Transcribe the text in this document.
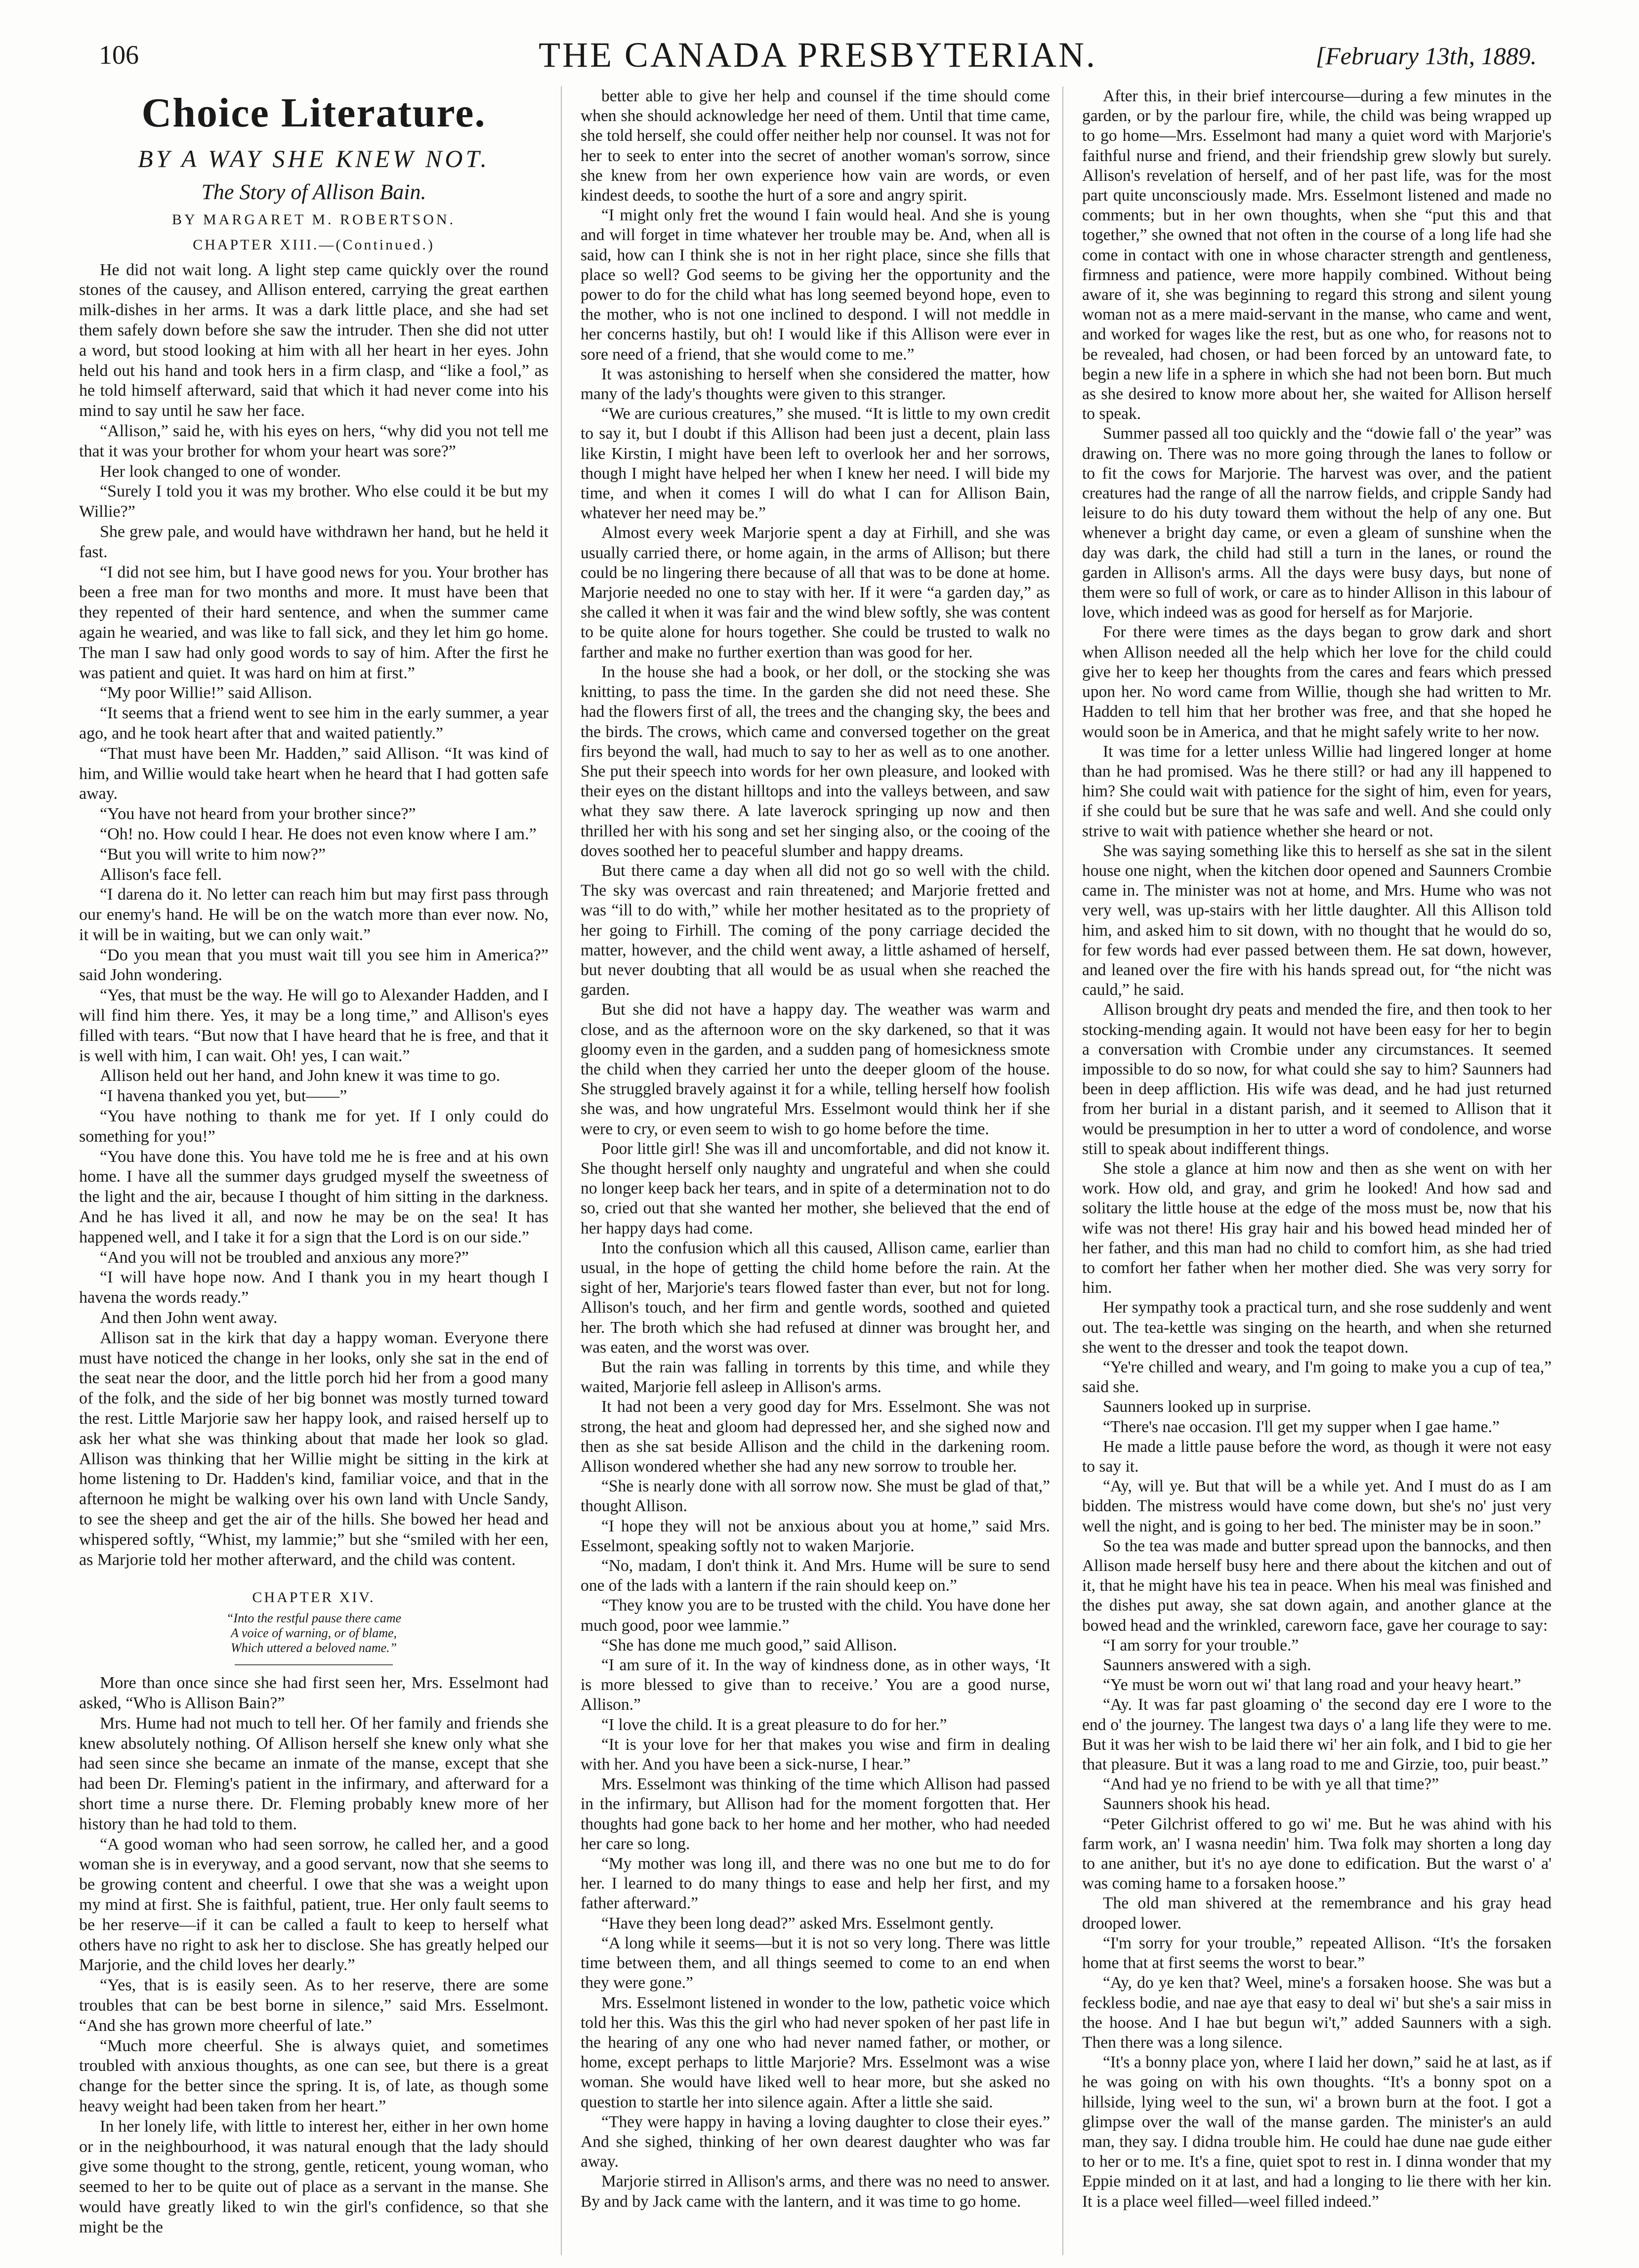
106	THE CANADA PRESBYTERIAN.	[February 13th, 1889.
Choice Literature.
BY A WAY SHE KNEW NOT.
The Story of Allison Bain.
BY MARGARET M. ROBERTSON.
CHAPTER XIII.—(Continued.)

He did not wait long. A light step came quickly over the round stones of the causey, and Allison entered, carrying the great earthen milk-dishes in her arms. It was a dark little place, and she had set them safely down before she saw the intruder. Then she did not utter a word, but stood looking at him with all her heart in her eyes. John held out his hand and took hers in a firm clasp, and “like a fool,” as he told himself afterward, said that which it had never come into his mind to say until he saw her face.

“Allison,” said he, with his eyes on hers, “why did you not tell me that it was your brother for whom your heart was sore?”

Her look changed to one of wonder.

“Surely I told you it was my brother. Who else could it be but my Willie?”

She grew pale, and would have withdrawn her hand, but he held it fast.

“I did not see him, but I have good news for you. Your brother has been a free man for two months and more. It must have been that they repented of their hard sentence, and when the summer came again he wearied, and was like to fall sick, and they let him go home. The man I saw had only good words to say of him. After the first he was patient and quiet. It was hard on him at first.”

“My poor Willie!” said Allison.

“It seems that a friend went to see him in the early summer, a year ago, and he took heart after that and waited patiently.”

“That must have been Mr. Hadden,” said Allison. “It was kind of him, and Willie would take heart when he heard that I had gotten safe away.

“You have not heard from your brother since?”

“Oh! no. How could I hear. He does not even know where I am.”

“But you will write to him now?”

Allison's face fell.

“I darena do it. No letter can reach him but may first pass through our enemy's hand. He will be on the watch more than ever now. No, it will be in waiting, but we can only wait.”

“Do you mean that you must wait till you see him in America?” said John wondering.

“Yes, that must be the way. He will go to Alexander Hadden, and I will find him there. Yes, it may be a long time,” and Allison's eyes filled with tears. “But now that I have heard that he is free, and that it is well with him, I can wait. Oh! yes, I can wait.”

Allison held out her hand, and John knew it was time to go.

“I havena thanked you yet, but——”

“You have nothing to thank me for yet. If I only could do something for you!”

“You have done this. You have told me he is free and at his own home. I have all the summer days grudged myself the sweetness of the light and the air, because I thought of him sitting in the darkness. And he has lived it all, and now he may be on the sea! It has happened well, and I take it for a sign that the Lord is on our side.”

“And you will not be troubled and anxious any more?”

“I will have hope now. And I thank you in my heart though I havena the words ready.”

And then John went away.

Allison sat in the kirk that day a happy woman. Everyone there must have noticed the change in her looks, only she sat in the end of the seat near the door, and the little porch hid her from a good many of the folk, and the side of her big bonnet was mostly turned toward the rest. Little Marjorie saw her happy look, and raised herself up to ask her what she was thinking about that made her look so glad. Allison was thinking that her Willie might be sitting in the kirk at home listening to Dr. Hadden's kind, familiar voice, and that in the afternoon he might be walking over his own land with Uncle Sandy, to see the sheep and get the air of the hills. She bowed her head and whispered softly, “Whist, my lammie;” but she “smiled with her een, as Marjorie told her mother afterward, and the child was content.

CHAPTER XIV.
“Into the restful pause there came
A voice of warning, or of blame,
Which uttered a beloved name.”

More than once since she had first seen her, Mrs. Esselmont had asked, “Who is Allison Bain?”

Mrs. Hume had not much to tell her. Of her family and friends she knew absolutely nothing. Of Allison herself she knew only what she had seen since she became an inmate of the manse, except that she had been Dr. Fleming's patient in the infirmary, and afterward for a short time a nurse there. Dr. Fleming probably knew more of her history than he had told to them.

“A good woman who had seen sorrow, he called her, and a good woman she is in everyway, and a good servant, now that she seems to be growing content and cheerful. I owe that she was a weight upon my mind at first. She is faithful, patient, true. Her only fault seems to be her reserve—if it can be called a fault to keep to herself what others have no right to ask her to disclose. She has greatly helped our Marjorie, and the child loves her dearly.”

“Yes, that is is easily seen. As to her reserve, there are some troubles that can be best borne in silence,” said Mrs. Esselmont. “And she has grown more cheerful of late.”

“Much more cheerful. She is always quiet, and sometimes troubled with anxious thoughts, as one can see, but there is a great change for the better since the spring. It is, of late, as though some heavy weight had been taken from her heart.”

In her lonely life, with little to interest her, either in her own home or in the neighbourhood, it was natural enough that the lady should give some thought to the strong, gentle, reticent, young woman, who seemed to her to be quite out of place as a servant in the manse. She would have greatly liked to win the girl's confidence, so that she might be the

better able to give her help and counsel if the time should come when she should acknowledge her need of them. Until that time came, she told herself, she could offer neither help nor counsel. It was not for her to seek to enter into the secret of another woman's sorrow, since she knew from her own experience how vain are words, or even kindest deeds, to soothe the hurt of a sore and angry spirit.

“I might only fret the wound I fain would heal. And she is young and will forget in time whatever her trouble may be. And, when all is said, how can I think she is not in her right place, since she fills that place so well? God seems to be giving her the opportunity and the power to do for the child what has long seemed beyond hope, even to the mother, who is not one inclined to despond. I will not meddle in her concerns hastily, but oh! I would like if this Allison were ever in sore need of a friend, that she would come to me.”

It was astonishing to herself when she considered the matter, how many of the lady's thoughts were given to this stranger.

“We are curious creatures,” she mused. “It is little to my own credit to say it, but I doubt if this Allison had been just a decent, plain lass like Kirstin, I might have been left to overlook her and her sorrows, though I might have helped her when I knew her need. I will bide my time, and when it comes I will do what I can for Allison Bain, whatever her need may be.”

Almost every week Marjorie spent a day at Firhill, and she was usually carried there, or home again, in the arms of Allison; but there could be no lingering there because of all that was to be done at home. Marjorie needed no one to stay with her. If it were “a garden day,” as she called it when it was fair and the wind blew softly, she was content to be quite alone for hours together. She could be trusted to walk no farther and make no further exertion than was good for her.

In the house she had a book, or her doll, or the stocking she was knitting, to pass the time. In the garden she did not need these. She had the flowers first of all, the trees and the changing sky, the bees and the birds. The crows, which came and conversed together on the great firs beyond the wall, had much to say to her as well as to one another. She put their speech into words for her own pleasure, and looked with their eyes on the distant hilltops and into the valleys between, and saw what they saw there. A late laverock springing up now and then thrilled her with his song and set her singing also, or the cooing of the doves soothed her to peaceful slumber and happy dreams.

But there came a day when all did not go so well with the child. The sky was overcast and rain threatened; and Marjorie fretted and was “ill to do with,” while her mother hesitated as to the propriety of her going to Firhill. The coming of the pony carriage decided the matter, however, and the child went away, a little ashamed of herself, but never doubting that all would be as usual when she reached the garden.

But she did not have a happy day. The weather was warm and close, and as the afternoon wore on the sky darkened, so that it was gloomy even in the garden, and a sudden pang of homesickness smote the child when they carried her unto the deeper gloom of the house. She struggled bravely against it for a while, telling herself how foolish she was, and how ungrateful Mrs. Esselmont would think her if she were to cry, or even seem to wish to go home before the time.

Poor little girl! She was ill and uncomfortable, and did not know it. She thought herself only naughty and ungrateful and when she could no longer keep back her tears, and in spite of a determination not to do so, cried out that she wanted her mother, she believed that the end of her happy days had come.

Into the confusion which all this caused, Allison came, earlier than usual, in the hope of getting the child home before the rain. At the sight of her, Marjorie's tears flowed faster than ever, but not for long. Allison's touch, and her firm and gentle words, soothed and quieted her. The broth which she had refused at dinner was brought her, and was eaten, and the worst was over.

But the rain was falling in torrents by this time, and while they waited, Marjorie fell asleep in Allison's arms.

It had not been a very good day for Mrs. Esselmont. She was not strong, the heat and gloom had depressed her, and she sighed now and then as she sat beside Allison and the child in the darkening room. Allison wondered whether she had any new sorrow to trouble her.

“She is nearly done with all sorrow now. She must be glad of that,” thought Allison.

“I hope they will not be anxious about you at home,” said Mrs. Esselmont, speaking softly not to waken Marjorie.

“No, madam, I don't think it. And Mrs. Hume will be sure to send one of the lads with a lantern if the rain should keep on.”

“They know you are to be trusted with the child. You have done her much good, poor wee lammie.”

“She has done me much good,” said Allison.

“I am sure of it. In the way of kindness done, as in other ways, ‘It is more blessed to give than to receive.’ You are a good nurse, Allison.”

“I love the child. It is a great pleasure to do for her.”

“It is your love for her that makes you wise and firm in dealing with her. And you have been a sick-nurse, I hear.”

Mrs. Esselmont was thinking of the time which Allison had passed in the infirmary, but Allison had for the moment forgotten that. Her thoughts had gone back to her home and her mother, who had needed her care so long.

“My mother was long ill, and there was no one but me to do for her. I learned to do many things to ease and help her first, and my father afterward.”

“Have they been long dead?” asked Mrs. Esselmont gently.

“A long while it seems—but it is not so very long. There was little time between them, and all things seemed to come to an end when they were gone.”

Mrs. Esselmont listened in wonder to the low, pathetic voice which told her this. Was this the girl who had never spoken of her past life in the hearing of any one who had never named father, or mother, or home, except perhaps to little Marjorie? Mrs. Esselmont was a wise woman. She would have liked well to hear more, but she asked no question to startle her into silence again. After a little she said.

“They were happy in having a loving daughter to close their eyes.” And she sighed, thinking of her own dearest daughter who was far away.

Marjorie stirred in Allison's arms, and there was no need to answer. By and by Jack came with the lantern, and it was time to go home.

After this, in their brief intercourse—during a few minutes in the garden, or by the parlour fire, while, the child was being wrapped up to go home—Mrs. Esselmont had many a quiet word with Marjorie's faithful nurse and friend, and their friendship grew slowly but surely. Allison's revelation of herself, and of her past life, was for the most part quite unconsciously made. Mrs. Esselmont listened and made no comments; but in her own thoughts, when she “put this and that together,” she owned that not often in the course of a long life had she come in contact with one in whose character strength and gentleness, firmness and patience, were more happily combined. Without being aware of it, she was beginning to regard this strong and silent young woman not as a mere maid-servant in the manse, who came and went, and worked for wages like the rest, but as one who, for reasons not to be revealed, had chosen, or had been forced by an untoward fate, to begin a new life in a sphere in which she had not been born. But much as she desired to know more about her, she waited for Allison herself to speak.

Summer passed all too quickly and the “dowie fall o' the year” was drawing on. There was no more going through the lanes to follow or to fit the cows for Marjorie. The harvest was over, and the patient creatures had the range of all the narrow fields, and cripple Sandy had leisure to do his duty toward them without the help of any one. But whenever a bright day came, or even a gleam of sunshine when the day was dark, the child had still a turn in the lanes, or round the garden in Allison's arms. All the days were busy days, but none of them were so full of work, or care as to hinder Allison in this labour of love, which indeed was as good for herself as for Marjorie.

For there were times as the days began to grow dark and short when Allison needed all the help which her love for the child could give her to keep her thoughts from the cares and fears which pressed upon her. No word came from Willie, though she had written to Mr. Hadden to tell him that her brother was free, and that she hoped he would soon be in America, and that he might safely write to her now.

It was time for a letter unless Willie had lingered longer at home than he had promised. Was he there still? or had any ill happened to him? She could wait with patience for the sight of him, even for years, if she could but be sure that he was safe and well. And she could only strive to wait with patience whether she heard or not.

She was saying something like this to herself as she sat in the silent house one night, when the kitchen door opened and Saunners Crombie came in. The minister was not at home, and Mrs. Hume who was not very well, was up-stairs with her little daughter. All this Allison told him, and asked him to sit down, with no thought that he would do so, for few words had ever passed between them. He sat down, however, and leaned over the fire with his hands spread out, for “the nicht was cauld,” he said.

Allison brought dry peats and mended the fire, and then took to her stocking-mending again. It would not have been easy for her to begin a conversation with Crombie under any circumstances. It seemed impossible to do so now, for what could she say to him? Saunners had been in deep affliction. His wife was dead, and he had just returned from her burial in a distant parish, and it seemed to Allison that it would be presumption in her to utter a word of condolence, and worse still to speak about indifferent things.

She stole a glance at him now and then as she went on with her work. How old, and gray, and grim he looked! And how sad and solitary the little house at the edge of the moss must be, now that his wife was not there! His gray hair and his bowed head minded her of her father, and this man had no child to comfort him, as she had tried to comfort her father when her mother died. She was very sorry for him.

Her sympathy took a practical turn, and she rose suddenly and went out. The tea-kettle was singing on the hearth, and when she returned she went to the dresser and took the teapot down.

“Ye're chilled and weary, and I'm going to make you a cup of tea,” said she.

Saunners looked up in surprise.

“There's nae occasion. I'll get my supper when I gae hame.”

He made a little pause before the word, as though it were not easy to say it.

“Ay, will ye. But that will be a while yet. And I must do as I am bidden. The mistress would have come down, but she's no' just very well the night, and is going to her bed. The minister may be in soon.”

So the tea was made and butter spread upon the bannocks, and then Allison made herself busy here and there about the kitchen and out of it, that he might have his tea in peace. When his meal was finished and the dishes put away, she sat down again, and another glance at the bowed head and the wrinkled, careworn face, gave her courage to say:

“I am sorry for your trouble.”

Saunners answered with a sigh.

“Ye must be worn out wi' that lang road and your heavy heart.”

“Ay. It was far past gloaming o' the second day ere I wore to the end o' the journey. The langest twa days o' a lang life they were to me. But it was her wish to be laid there wi' her ain folk, and I bid to gie her that pleasure. But it was a lang road to me and Girzie, too, puir beast.”

“And had ye no friend to be with ye all that time?”

Saunners shook his head.

“Peter Gilchrist offered to go wi' me. But he was ahind with his farm work, an' I wasna needin' him. Twa folk may shorten a long day to ane anither, but it's no aye done to edification. But the warst o' a' was coming hame to a forsaken hoose.”

The old man shivered at the remembrance and his gray head drooped lower.

“I'm sorry for your trouble,” repeated Allison. “It's the forsaken home that at first seems the worst to bear.”

“Ay, do ye ken that? Weel, mine's a forsaken hoose. She was but a feckless bodie, and nae aye that easy to deal wi' but she's a sair miss in the hoose. And I hae but begun wi't,” added Saunners with a sigh. Then there was a long silence.

“It's a bonny place yon, where I laid her down,” said he at last, as if he was going on with his own thoughts. “It's a bonny spot on a hillside, lying weel to the sun, wi' a brown burn at the foot. I got a glimpse over the wall of the manse garden. The minister's an auld man, they say. I didna trouble him. He could hae dune nae gude either to her or to me. It's a fine, quiet spot to rest in. I dinna wonder that my Eppie minded on it at last, and had a longing to lie there with her kin. It is a place weel filled—weel filled indeed.”
